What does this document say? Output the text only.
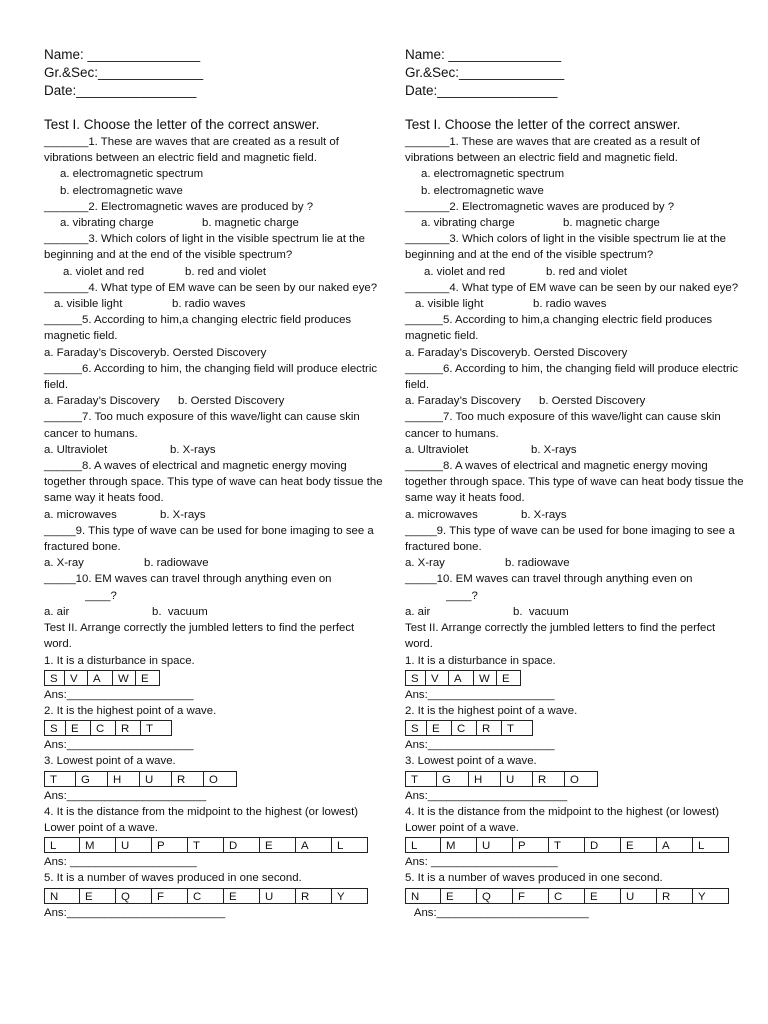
Name: _______________
Gr.&Sec:______________
Date:________________
Test I. Choose the letter of the correct answer.
_______1. These are waves that are created as a result of vibrations between an electric field and magnetic field.
a. electromagnetic spectrum
b. electromagnetic wave
_______2. Electromagnetic waves are produced by ?
a. vibrating charge	b. magnetic charge
_______3. Which colors of light in the visible spectrum lie at the beginning and at the end of the visible spectrum?
a. violet and red	b. red and violet
_______4. What type of EM wave can be seen by our naked eye?
a. visible light	b. radio waves
______5. According to him,a changing electric field produces magnetic field.
a. Faraday’s Discoveryb. Oersted Discovery
______6. According to him, the changing field will produce electric field.
a. Faraday’s Discovery b. Oersted Discovery
______7. Too much exposure of this wave/light can cause skin cancer to humans.
a. Ultraviolet	b. X-rays
______8. A waves of electrical and magnetic energy moving together through space. This type of wave can heat body tissue the same way it heats food.
a. microwaves	b. X-rays
_____9. This type of wave can be used for bone imaging to see a fractured bone.
a. X-ray	b. radiowave
_____10. EM waves can travel through anything even on
____?
a. air	b.  vacuum
Test II. Arrange correctly the jumbled letters to find the perfect word.
1. It is a disturbance in space.
S	V	A	W	E
Ans:____________________
2. It is the highest point of a wave.
S	E	C	R	T
Ans:____________________
3. Lowest point of a wave.
T	G	H	U	R	O
Ans:______________________
4. It is the distance from the midpoint to the highest (or lowest) Lower point of a wave.
L	M	U	P	T	D	E	A	L
Ans: ____________________
5. It is a number of waves produced in one second.
N	E	Q	F	C	E	U	R	Y
Ans:_________________________
Name: _______________
Gr.&Sec:______________
Date:________________
Test I. Choose the letter of the correct answer.
_______1. These are waves that are created as a result of vibrations between an electric field and magnetic field.
a. electromagnetic spectrum
b. electromagnetic wave
_______2. Electromagnetic waves are produced by ?
a. vibrating charge	b. magnetic charge
_______3. Which colors of light in the visible spectrum lie at the beginning and at the end of the visible spectrum?
a. violet and red	b. red and violet
_______4. What type of EM wave can be seen by our naked eye?
a. visible light	b. radio waves
______5. According to him,a changing electric field produces magnetic field.
a. Faraday’s Discoveryb. Oersted Discovery
______6. According to him, the changing field will produce electric field.
a. Faraday’s Discovery b. Oersted Discovery
______7. Too much exposure of this wave/light can cause skin cancer to humans.
a. Ultraviolet	b. X-rays
______8. A waves of electrical and magnetic energy moving together through space. This type of wave can heat body tissue the same way it heats food.
a. microwaves	b. X-rays
_____9. This type of wave can be used for bone imaging to see a fractured bone.
a. X-ray	b. radiowave
_____10. EM waves can travel through anything even on
____?
a. air	b.  vacuum
Test II. Arrange correctly the jumbled letters to find the perfect word.
1. It is a disturbance in space.
S	V	A	W	E
Ans:____________________
2. It is the highest point of a wave.
S	E	C	R	T
Ans:____________________
3. Lowest point of a wave.
T	G	H	U	R	O
Ans:______________________
4. It is the distance from the midpoint to the highest (or lowest) Lower point of a wave.
L	M	U	P	T	D	E	A	L
Ans: ____________________
5. It is a number of waves produced in one second.
N	E	Q	F	C	E	U	R	Y
Ans:________________________
